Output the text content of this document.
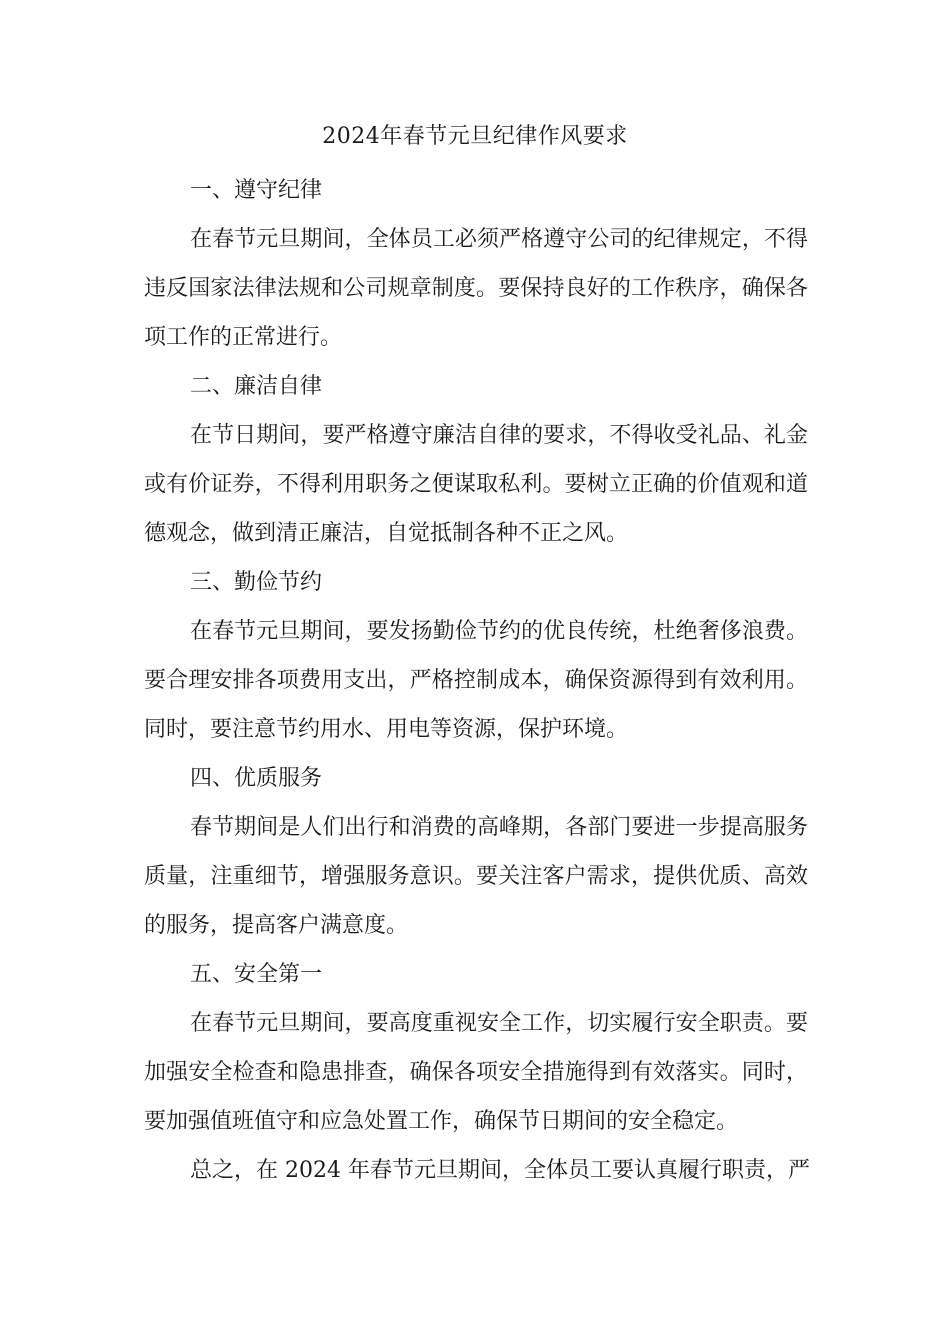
2024年春节元旦纪律作风要求
一、遵守纪律

在春节元旦期间，全体员工必须严格遵守公司的纪律规定，不得
违反国家法律法规和公司规章制度。要保持良好的工作秩序，确保各
项工作的正常进行。

二、廉洁自律

在节日期间，要严格遵守廉洁自律的要求，不得收受礼品、礼金
或有价证券，不得利用职务之便谋取私利。要树立正确的价值观和道
德观念，做到清正廉洁，自觉抵制各种不正之风。

三、勤俭节约

在春节元旦期间，要发扬勤俭节约的优良传统，杜绝奢侈浪费。
要合理安排各项费用支出，严格控制成本，确保资源得到有效利用。
同时，要注意节约用水、用电等资源，保护环境。

四、优质服务

春节期间是人们出行和消费的高峰期，各部门要进一步提高服务
质量，注重细节，增强服务意识。要关注客户需求，提供优质、高效
的服务，提高客户满意度。

五、安全第一

在春节元旦期间，要高度重视安全工作，切实履行安全职责。要
加强安全检查和隐患排查，确保各项安全措施得到有效落实。同时，
要加强值班值守和应急处置工作，确保节日期间的安全稳定。

总之，在 2024 年春节元旦期间，全体员工要认真履行职责，严
